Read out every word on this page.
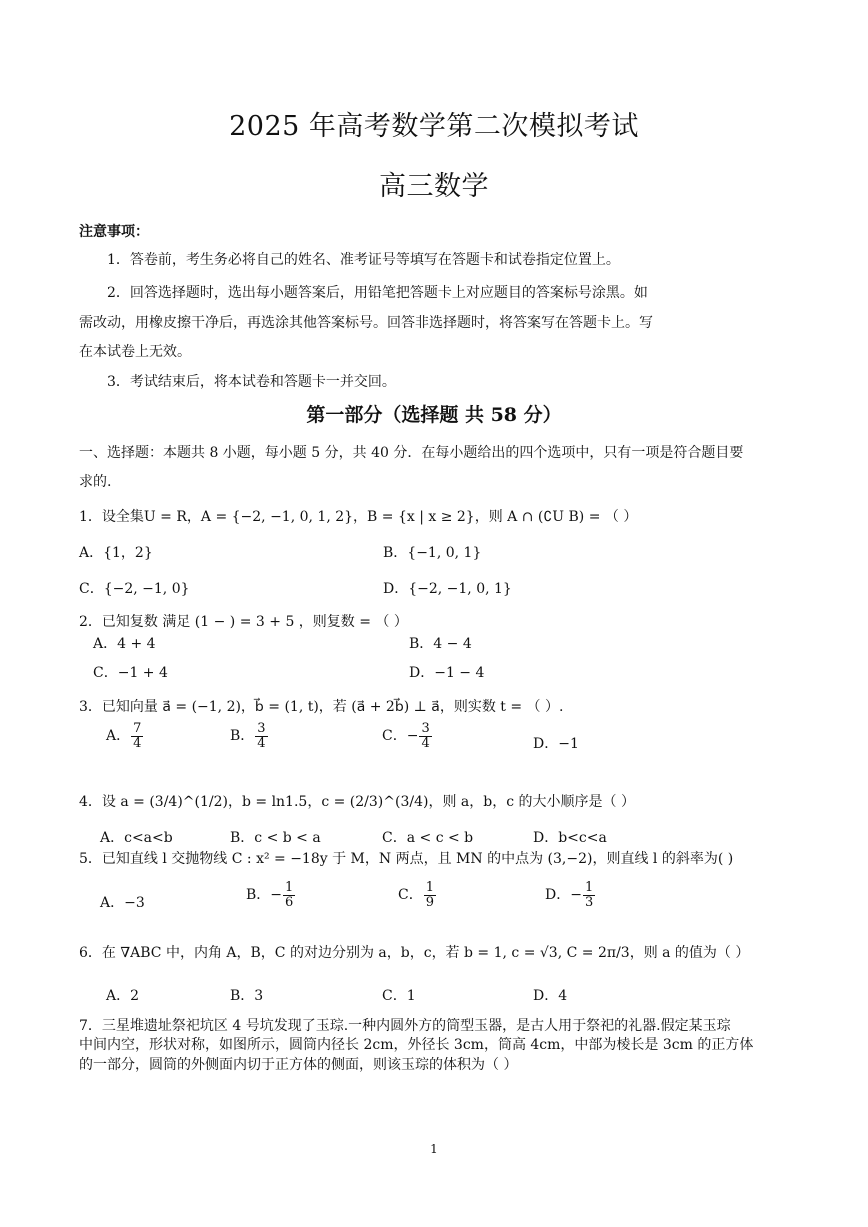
2025 年高考数学第二次模拟考试
高三数学
注意事项：
1．答卷前，考生务必将自己的姓名、准考证号等填写在答题卡和试卷指定位置上。
2．回答选择题时，选出每小题答案后，用铅笔把答题卡上对应题目的答案标号涂黑。如
需改动，用橡皮擦干净后，再选涂其他答案标号。回答非选择题时，将答案写在答题卡上。写
在本试卷上无效。
3．考试结束后，将本试卷和答题卡一并交回。
第一部分（选择题 共 58 分）
一、选择题：本题共 8 小题，每小题 5 分，共 40 分．在每小题给出的四个选项中，只有一项是符合题目要
求的.
1．设全集U = R，A = {−2, −1, 0, 1, 2}，B = {x | x ≥ 2}，则 A ∩ (∁U B) = （ ）
A．{1，2}	B．{−1, 0, 1}
C．{−2, −1, 0}	D．{−2, −1, 0, 1}
2．已知复数 满足 (1 − ) = 3 + 5 ，则复数 = （ ）
A．4 + 4	B．4 − 4
C．−1 + 4	D．−1 − 4
3．已知向量 a⃗ = (−1, 2)，b⃗ = (1, t)，若 (a⃗ + 2b⃗) ⊥ a⃗，则实数 t = （ ）.
A． $\frac{7}{4}$	B． $\frac{3}{4}$	C．− $\frac{3}{4}$	D．−1
4．设 a = (3/4)^(1/2)，b = ln1.5，c = (2/3)^(3/4)，则 a，b，c 的大小顺序是（ ）
A．c<a<b	B．c < b < a	C．a < c < b	D．b<c<a
5．已知直线 l 交抛物线 C : x² = −18y 于 M，N 两点，且 MN 的中点为 (3,−2)，则直线 l 的斜率为( )
A．−3	B．− $\frac{1}{6}$	C． $\frac{1}{9}$	D．− $\frac{1}{3}$
6．在 ∇ABC 中，内角 A，B，C 的对边分别为 a，b，c，若 b = 1, c = √3, C = 2π/3，则 a 的值为（ ）
A．2	B．3	C．1	D．4
7．三星堆遗址祭祀坑区 4 号坑发现了玉琮.一种内圆外方的筒型玉器，是古人用于祭祀的礼器.假定某玉琮
中间内空，形状对称，如图所示，圆筒内径长 2cm，外径长 3cm，筒高 4cm，中部为棱长是 3cm 的正方体
的一部分，圆筒的外侧面内切于正方体的侧面，则该玉琮的体积为（ ）
1
